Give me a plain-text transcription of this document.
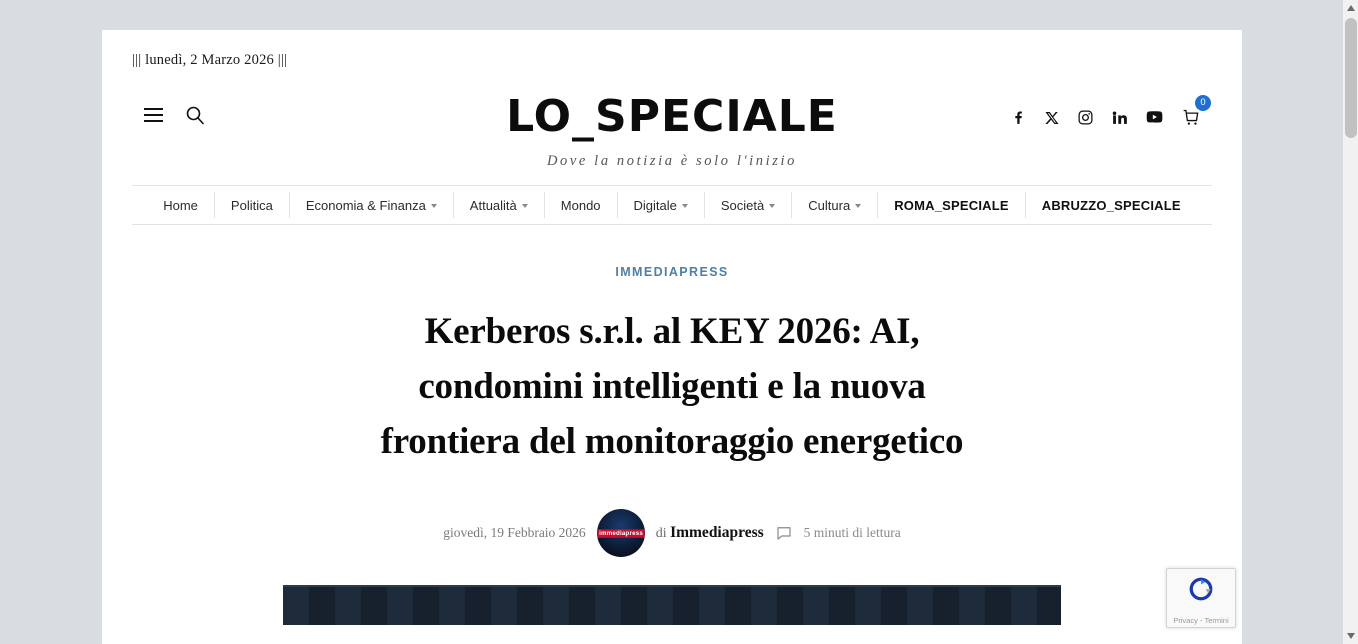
||| lunedì, 2 Marzo 2026 |||
LO_SPECIALE
Dove la notizia è solo l'inizio
0
Home	Politica	Economia & Finanza	Attualità	Mondo	Digitale	Società	Cultura	ROMA_SPECIALE	ABRUZZO_SPECIALE
IMMEDIAPRESS
Kerberos s.r.l. al KEY 2026: AI, condomini intelligenti e la nuova frontiera del monitoraggio energetico
giovedì, 19 Febbraio 2026 immediapress di Immediapress	5 minuti di lettura
Privacy - Termini
